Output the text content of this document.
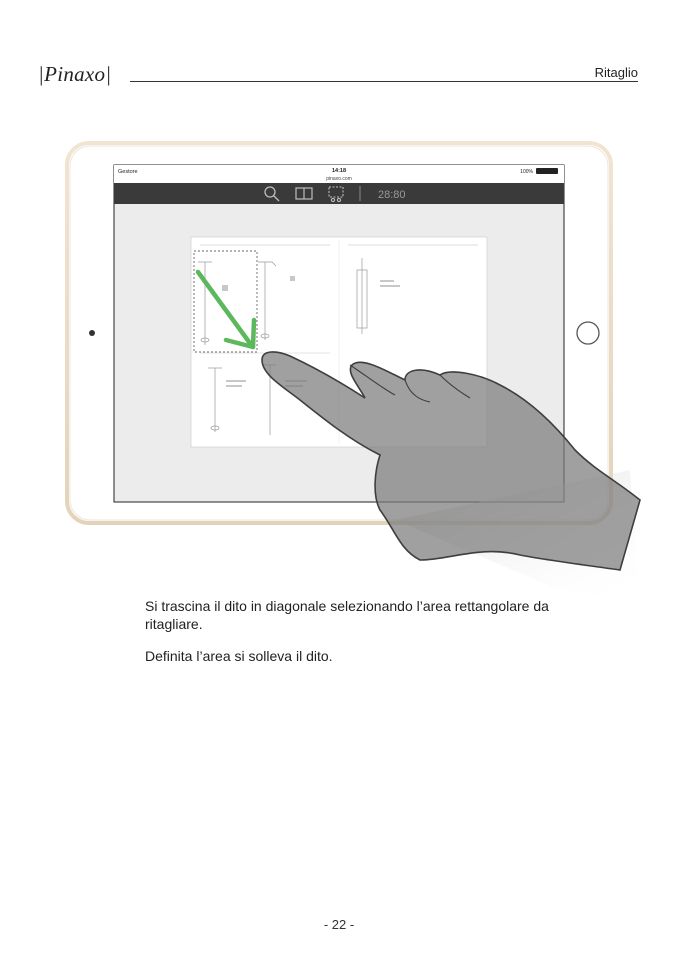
|Pinaxo|	Ritaglio
Gestore	14:18
pinaxo.com
100%
28:80

Si trascina il dito in diagonale selezionando l’area rettangolare da ritagliare.

Definita l’area si solleva il dito.

- 22 -
